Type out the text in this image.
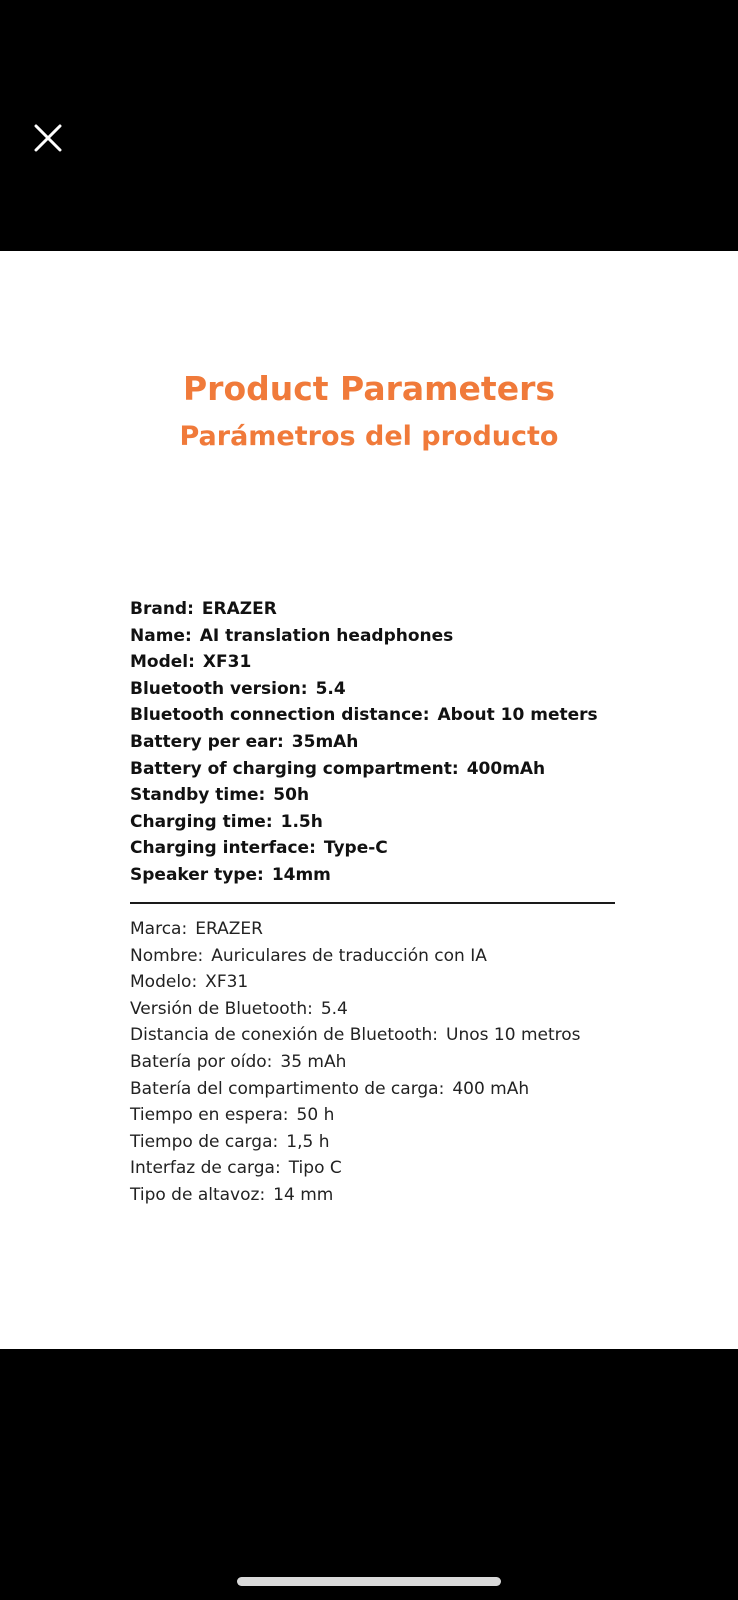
Product Parameters
Parámetros del producto
Brand: ERAZER
Name: AI translation headphones
Model: XF31
Bluetooth version: 5.4
Bluetooth connection distance: About 10 meters
Battery per ear: 35mAh
Battery of charging compartment: 400mAh
Standby time: 50h
Charging time: 1.5h
Charging interface: Type-C
Speaker type: 14mm
Marca: ERAZER
Nombre: Auriculares de traducción con IA
Modelo: XF31
Versión de Bluetooth: 5.4
Distancia de conexión de Bluetooth: Unos 10 metros
Batería por oído: 35 mAh
Batería del compartimento de carga: 400 mAh
Tiempo en espera: 50 h
Tiempo de carga: 1,5 h
Interfaz de carga: Tipo C
Tipo de altavoz: 14 mm
